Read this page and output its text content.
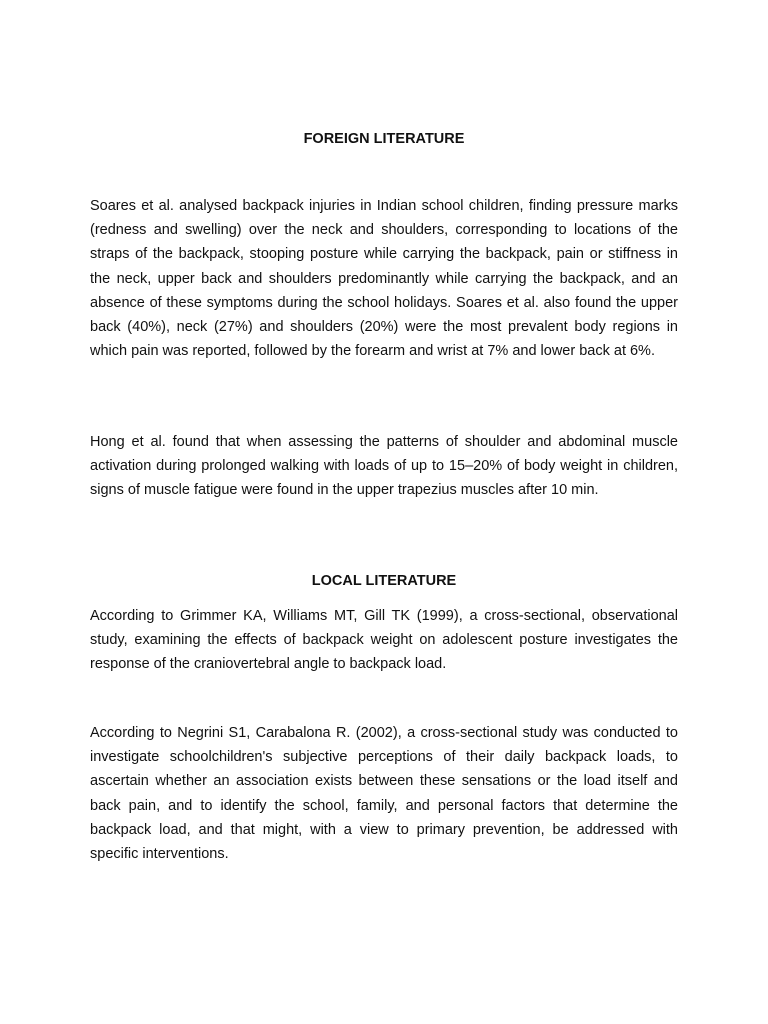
FOREIGN LITERATURE

Soares et al. analysed backpack injuries in Indian school children, finding pressure marks (redness and swelling) over the neck and shoulders, corresponding to locations of the straps of the backpack, stooping posture while carrying the backpack, pain or stiffness in the neck, upper back and shoulders predominantly while carrying the backpack, and an absence of these symptoms during the school holidays. Soares et al. also found the upper back (40%), neck (27%) and shoulders (20%) were the most prevalent body regions in which pain was reported, followed by the forearm and wrist at 7% and lower back at 6%.

Hong et al. found that when assessing the patterns of shoulder and abdominal muscle activation during prolonged walking with loads of up to 15–20% of body weight in children, signs of muscle fatigue were found in the upper trapezius muscles after 10 min.

LOCAL LITERATURE

According to Grimmer KA, Williams MT, Gill TK (1999), a cross-sectional, observational study, examining the effects of backpack weight on adolescent posture investigates the response of the craniovertebral angle to backpack load.

According to Negrini S1, Carabalona R. (2002), a cross-sectional study was conducted to investigate schoolchildren's subjective perceptions of their daily backpack loads, to ascertain whether an association exists between these sensations or the load itself and back pain, and to identify the school, family, and personal factors that determine the backpack load, and that might, with a view to primary prevention, be addressed with specific interventions.
